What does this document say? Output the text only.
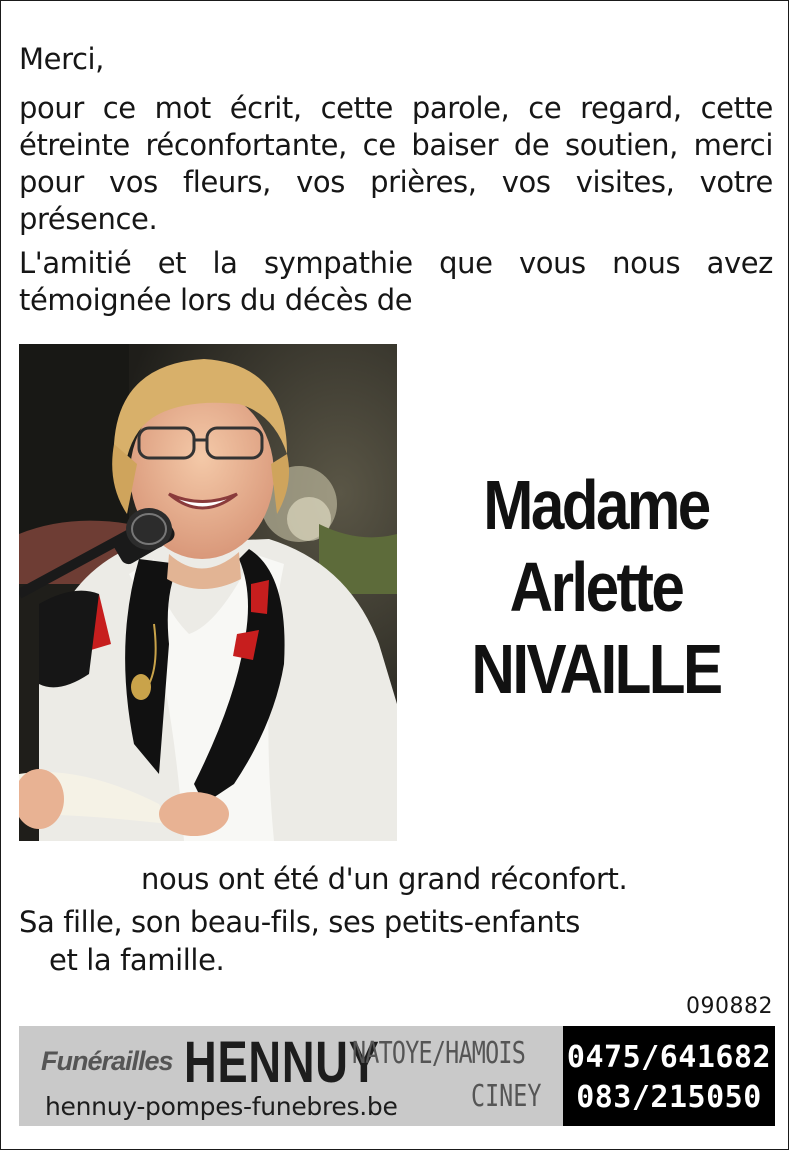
Merci,
pour ce mot écrit, cette parole, ce regard, cette
étreinte réconfortante, ce baiser de soutien, merci
pour vos fleurs, vos prières, vos visites, votre
présence.
L'amitié et la sympathie que vous nous avez
témoignée lors du décès de
Madame
Arlette
NIVAILLE
nous ont été d'un grand réconfort.
Sa fille, son beau-fils, ses petits-enfants
et la famille.
090882
Funérailles HENNUY
NATOYE/HAMOIS
CINEY
hennuy-pompes-funebres.be
0475/641682
083/215050
